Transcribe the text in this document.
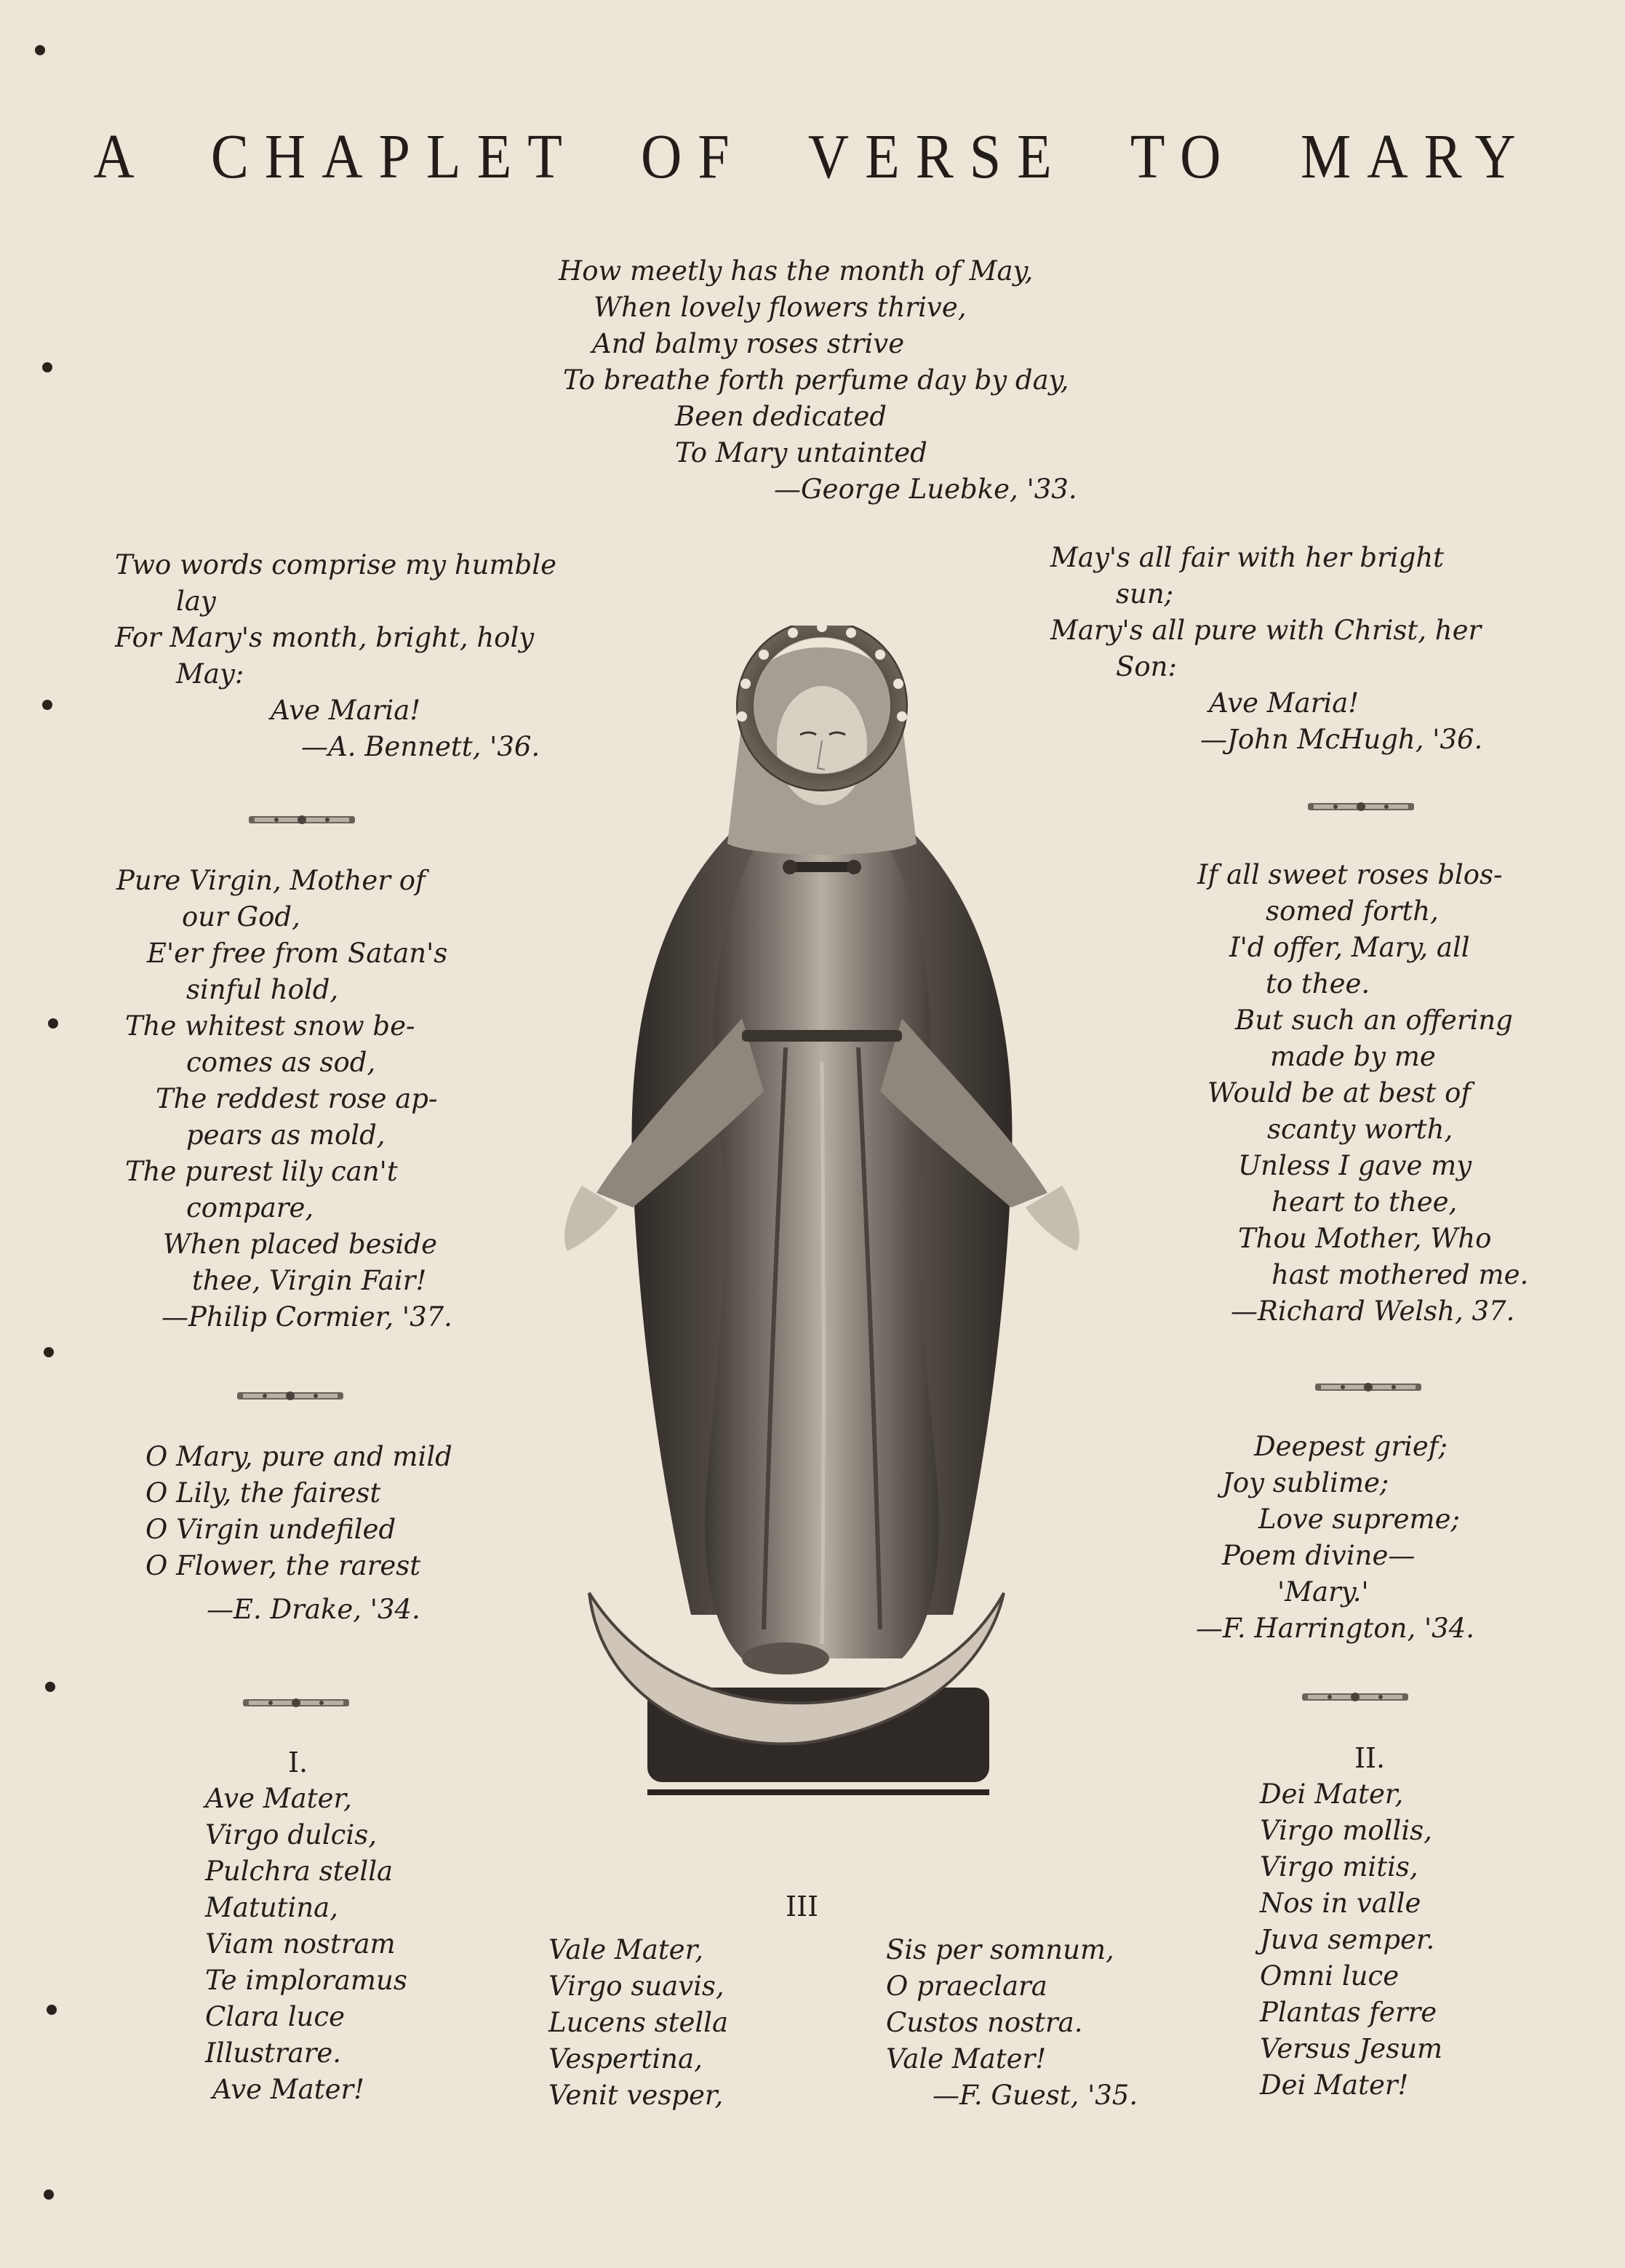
A CHAPLET OF VERSE TO MARY
How meetly has the month of May,
When lovely flowers thrive,
And balmy roses strive
To breathe forth perfume day by day,
Been dedicated
To Mary untainted
—George Luebke, '33.
Two words comprise my humble
lay
For Mary's month, bright, holy
May:
Ave Maria!
—A. Bennett, '36.
Pure Virgin, Mother of
our God,
E'er free from Satan's
sinful hold,
The whitest snow be-
comes as sod,
The reddest rose ap-
pears as mold,
The purest lily can't
compare,
When placed beside
thee, Virgin Fair!
—Philip Cormier, '37.
O Mary, pure and mild
O Lily, the fairest
O Virgin undefiled
O Flower, the rarest
—E. Drake, '34.
May's all fair with her bright
sun;
Mary's all pure with Christ, her
Son:
Ave Maria!
—John McHugh, '36.
If all sweet roses blos-
somed forth,
I'd offer, Mary, all
to thee.
But such an offering
made by me
Would be at best of
scanty worth,
Unless I gave my
heart to thee,
Thou Mother, Who
hast mothered me.
—Richard Welsh, 37.
Deepest grief;
Joy sublime;
Love supreme;
Poem divine—
'Mary.'
—F. Harrington, '34.
I.
Ave Mater,
Virgo dulcis,
Pulchra stella
Matutina,
Viam nostram
Te imploramus
Clara luce
Illustrare.
Ave Mater!
III
Vale Mater,
Virgo suavis,
Lucens stella
Vespertina,
Venit vesper,
Sis per somnum,
O praeclara
Custos nostra.
Vale Mater!
—F. Guest, '35.
II.
Dei Mater,
Virgo mollis,
Virgo mitis,
Nos in valle
Juva semper.
Omni luce
Plantas ferre
Versus Jesum
Dei Mater!
